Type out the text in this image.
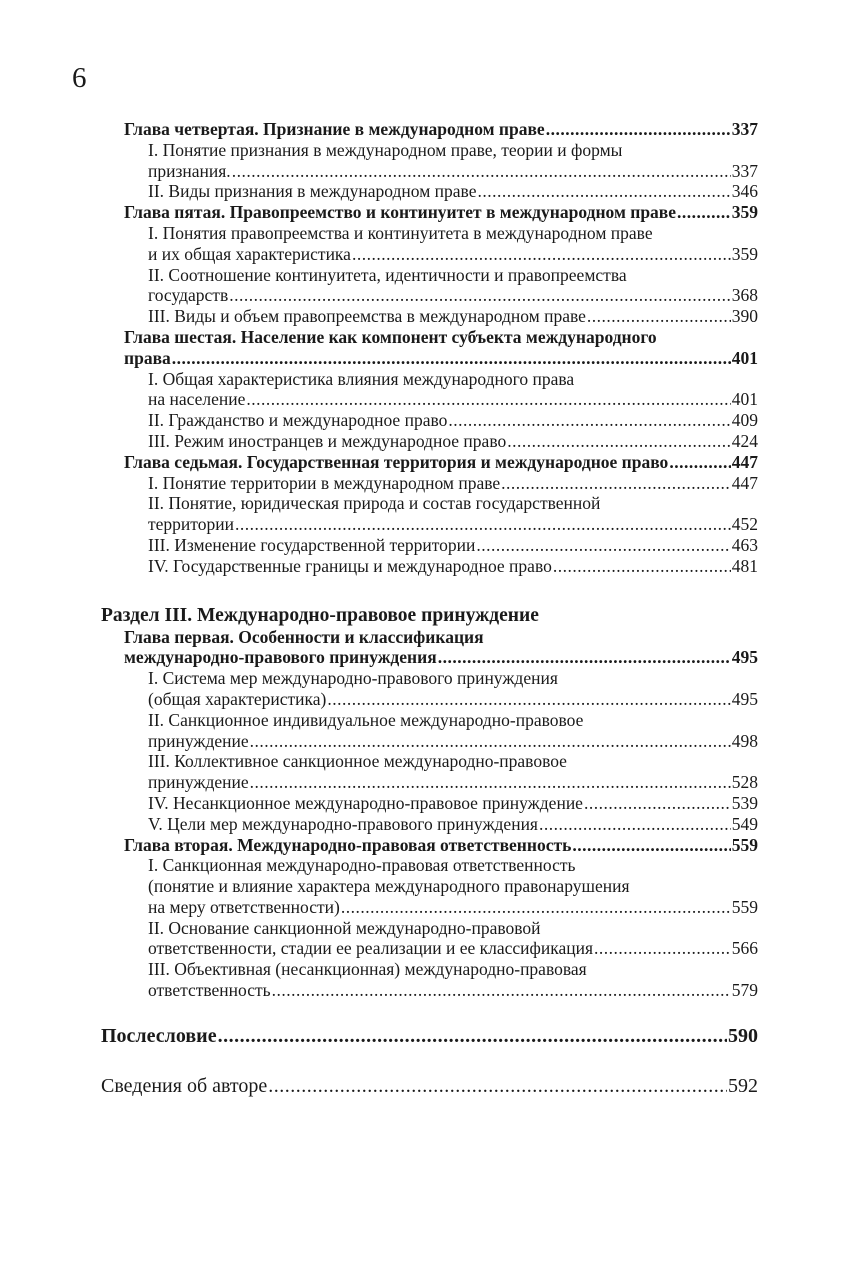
6
Глава четвертая. Признание в международном праве .....	337
I. Понятие признания в международном праве, теории и формы
признания. .....	337
II. Виды признания в международном праве .....	346
Глава пятая. Правопреемство и континуитет в международном праве .....	359
I. Понятия правопреемства и континуитета в международном праве
и их общая характеристика .....	359
II. Соотношение континуитета, идентичности и правопреемства
государств .....	368
III. Виды и объем правопреемства в международном праве .....	390
Глава шестая. Население как компонент субъекта международного
права .....	401
I. Общая характеристика влияния международного права
на население .....	401
II. Гражданство и международное право .....	409
III. Режим иностранцев и международное право .....	424
Глава седьмая. Государственная территория и международное право .....	447
I. Понятие территории в международном праве .....	447
II. Понятие, юридическая природа и состав государственной
территории .....	452
III. Изменение государственной территории .....	463
IV. Государственные границы и международное право .....	481
Раздел III. Международно-правовое принуждение
Глава первая. Особенности и классификация
международно-правового принуждения .....	495
I. Система мер международно-правового принуждения
(общая характеристика) .....	495
II. Санкционное индивидуальное международно-правовое
принуждение .....	498
III. Коллективное санкционное международно-правовое
принуждение .....	528
IV. Несанкционное международно-правовое принуждение .....	539
V. Цели мер международно-правового принуждения .....	549
Глава вторая. Международно-правовая ответственность .....	559
I. Санкционная международно-правовая ответственность
(понятие и влияние характера международного правонарушения
на меру ответственности) .....	559
II. Основание санкционной международно-правовой
ответственности, стадии ее реализации и ее классификация .....	566
III. Объективная (несанкционная) международно-правовая
ответственность .....	579
Послесловие .....	590
Сведения об авторе .....	592
